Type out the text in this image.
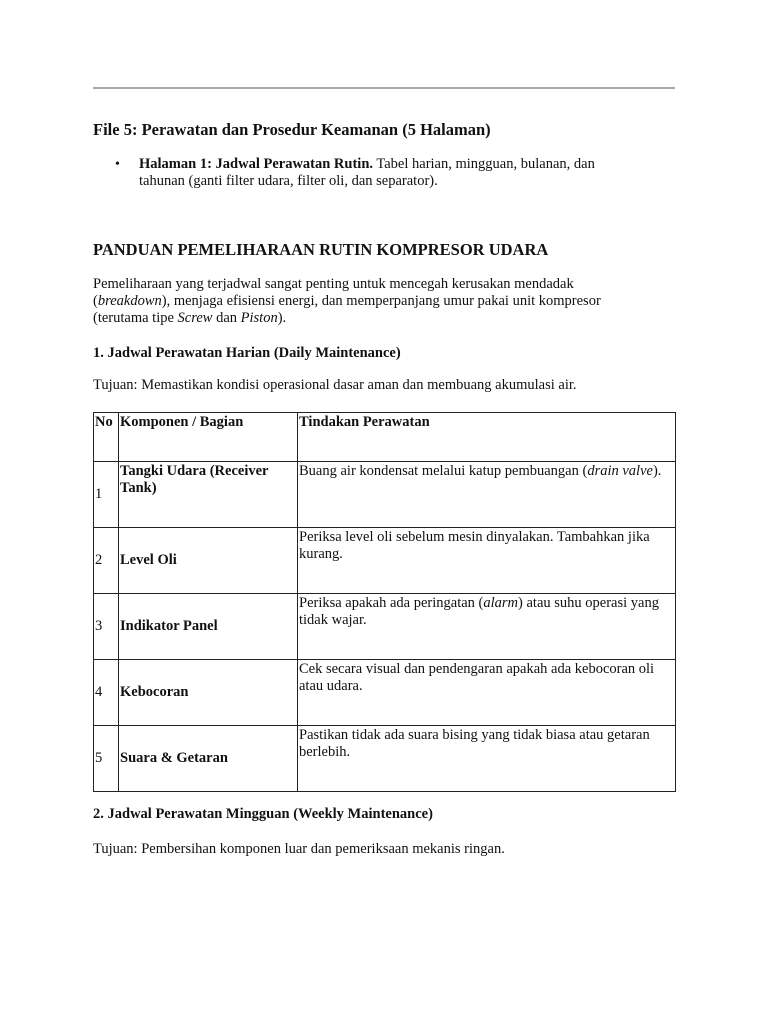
File 5: Perawatan dan Prosedur Keamanan (5 Halaman)
• Halaman 1: Jadwal Perawatan Rutin. Tabel harian, mingguan, bulanan, dan tahunan (ganti filter udara, filter oli, dan separator).
PANDUAN PEMELIHARAAN RUTIN KOMPRESOR UDARA

Pemeliharaan yang terjadwal sangat penting untuk mencegah kerusakan mendadak (breakdown), menjaga efisiensi energi, dan memperpanjang umur pakai unit kompresor (terutama tipe Screw dan Piston).

1. Jadwal Perawatan Harian (Daily Maintenance)
Tujuan: Memastikan kondisi operasional dasar aman dan membuang akumulasi air.
No	Komponen / Bagian	Tindakan Perawatan
1	Tangki Udara (Receiver Tank)	Buang air kondensat melalui katup pembuangan (drain valve).
2	Level Oli	Periksa level oli sebelum mesin dinyalakan. Tambahkan jika kurang.
3	Indikator Panel	Periksa apakah ada peringatan (alarm) atau suhu operasi yang tidak wajar.
4	Kebocoran	Cek secara visual dan pendengaran apakah ada kebocoran oli atau udara.
5	Suara & Getaran	Pastikan tidak ada suara bising yang tidak biasa atau getaran berlebih.
2. Jadwal Perawatan Mingguan (Weekly Maintenance)
Tujuan: Pembersihan komponen luar dan pemeriksaan mekanis ringan.
